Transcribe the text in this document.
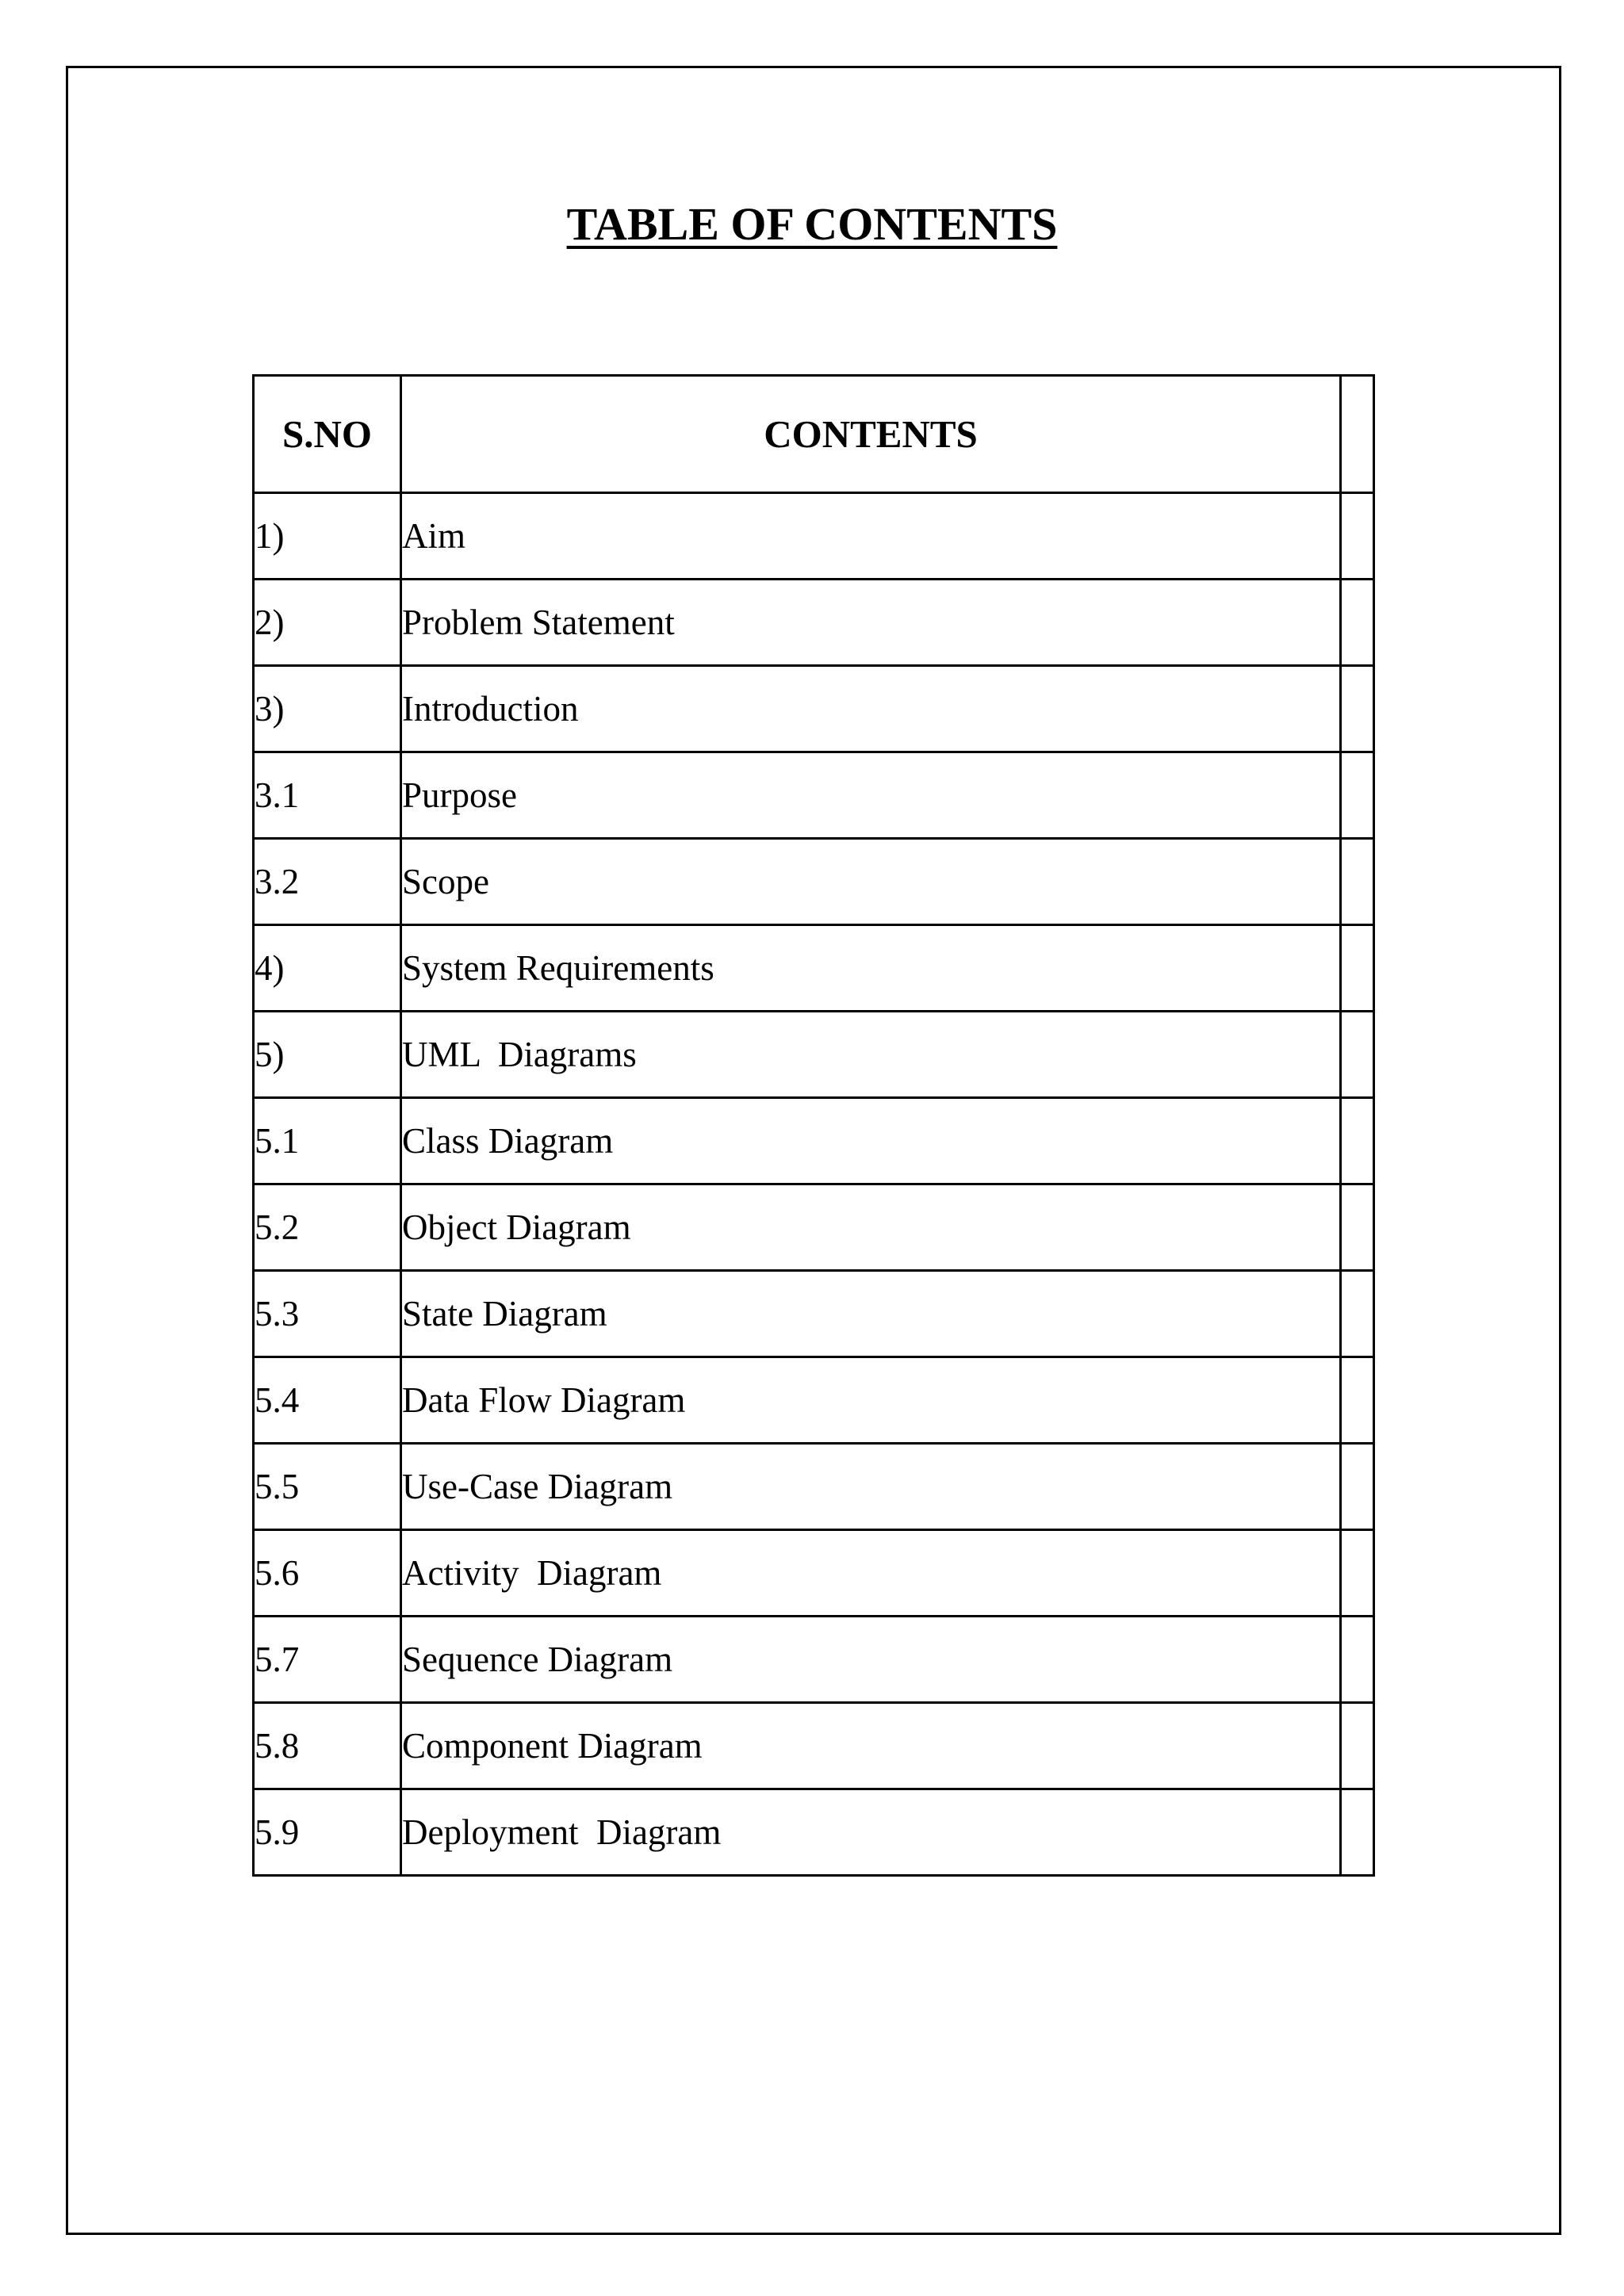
TABLE OF CONTENTS
S.NO	CONTENTS	
1)	Aim	
2)	Problem Statement	
3)	Introduction	
3.1	Purpose	
3.2	Scope	
4)	System Requirements	
5)	UML  Diagrams	
5.1	Class Diagram	
5.2	Object Diagram	
5.3	State Diagram	
5.4	Data Flow Diagram	
5.5	Use-Case Diagram	
5.6	Activity  Diagram	
5.7	Sequence Diagram	
5.8	Component Diagram	
5.9	Deployment  Diagram	
